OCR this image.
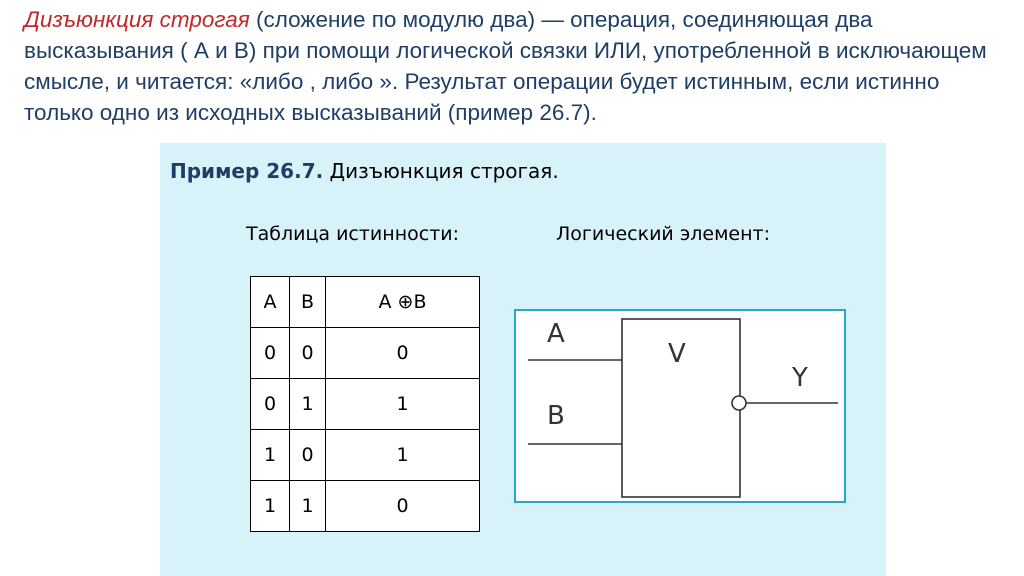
Дизъюнкция строгая (сложение по модулю два) — операция, соединяющая два высказывания ( А и В) при помощи логической связки ИЛИ, употребленной в исключающем смысле, и читается: «либо , либо ». Результат операции будет истинным, если истинно только одно из исходных высказываний (пример 26.7).
Пример 26.7. Дизъюнкция строгая.
Таблица истинности:	Логический элемент:
A	B	A ⊕B
0	0	0
0	1	1
1	0	1
1	1	0
A
B
V
Y
